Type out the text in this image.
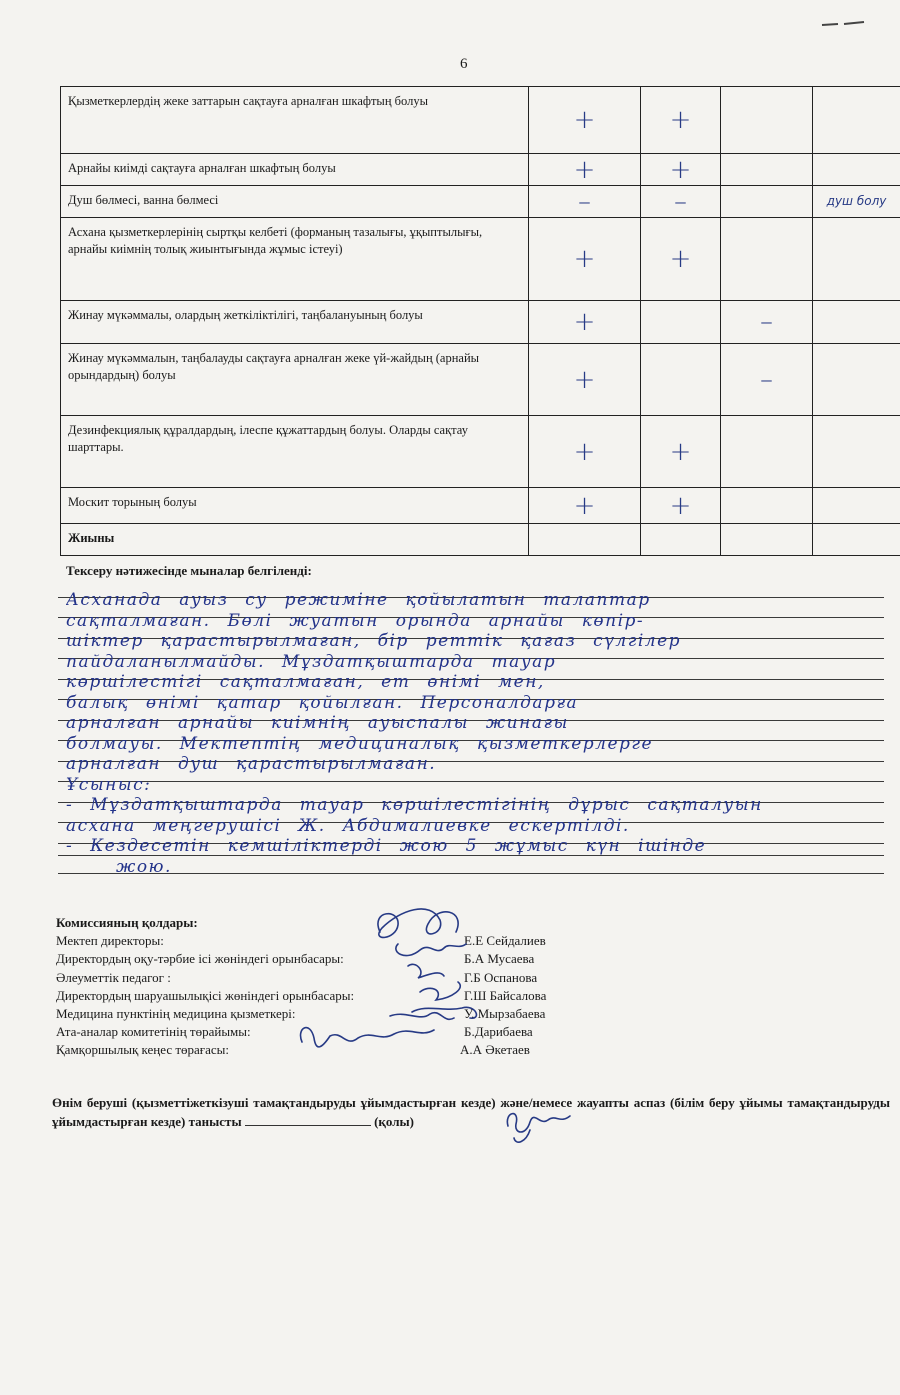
6
Қызметкерлердің жеке заттарын сақтауға арналған шкафтың болуы	+	+		
Арнайы киімді сақтауға арналған шкафтың болуы	+	+		
Душ бөлмесі, ванна бөлмесі	–	–		душ болу
Асхана қызметкерлерінің сыртқы келбеті (форманың тазалығы, ұқыптылығы, арнайы киімнің толық жиынтығында жұмыс істеуі)	+	+		
Жинау мүкәммалы, олардың жеткіліктілігі, таңбалануының болуы	+		–	
Жинау мүкәммалын, таңбалауды сақтауға арналған жеке үй-жайдың (арнайы орындардың) болуы	+		–	
Дезинфекциялық құралдардың, ілеспе құжаттардың болуы. Оларды сақтау шарттары.	+	+		
Москит торының болуы	+	+		
Жиыны				
Тексеру нәтижесінде мыналар белгіленді:
Асханада ауыз су режиміне қойылатын талаптар
сақталмаған. Бөлі жуатын орында арнайы көпір-
шіктер қарастырылмаған, бір реттік қағаз сүлгілер
пайдаланылмайды. Мұздатқыштарда тауар
көршілестігі сақталмаған, ет өнімі мен,
балық өнімі қатар қойылған. Персоналдарға
арналған арнайы киімнің ауыспалы жинағы
болмауы. Мектептің медициналық қызметкерлерге
арналған душ қарастырылмаған.
Ұсыныс:
- Мұздатқыштарда тауар көршілестігінің дұрыс сақталуын
асхана меңгерушісі Ж. Абдималиевке ескертілді.
- Кездесетін кемшіліктерді жою 5 жұмыс күн ішінде
жою.
Комиссияның қолдары:
Мектеп директоры:	Е.Е Сейдалиев
Директордың оқу-тәрбие ісі жөніндегі орынбасары:	Б.А Мусаева
Әлеуметтік педагог :	Г.Б Оспанова
Директордың шаруашылықісі жөніндегі орынбасары:	Г.Ш Байсалова
Медицина пунктінің медицина қызметкері:	У. Мырзабаева
Ата-аналар комитетінің төрайымы:	Б.Дарибаева
Қамқоршылық кеңес төрағасы:	А.А Әкетаев
Өнім беруші (қызметтіжеткізуші тамақтандыруды ұйымдастырған кезде) және/немесе жауапты аспаз (білім беру ұйымы тамақтандыруды ұйымдастырған кезде) танысты	(қолы)
